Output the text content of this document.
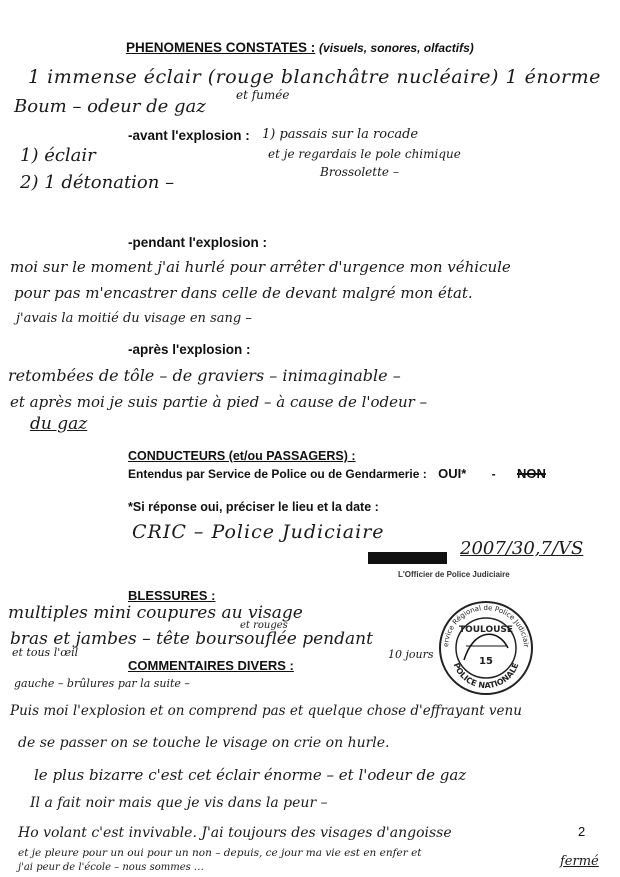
PHENOMENES CONSTATES : (visuels, sonores, olfactifs)
1 immense éclair (rouge blanchâtre nucléaire) 1 énorme
et fumée
Boum – odeur de gaz
-avant l'explosion : 1) passais sur la rocade
et je regardais le pole chimique
Brossolette –
1) éclair
2) 1 détonation –
-pendant l'explosion :
moi sur le moment j'ai hurlé pour arrêter d'urgence mon véhicule
pour pas m'encastrer dans celle de devant malgré mon état.
j'avais la moitié du visage en sang –
-après l'explosion :
retombées de tôle – de graviers – inimaginable –
et après moi je suis partie à pied – à cause de l'odeur –
du gaz
CONDUCTEURS (et/ou PASSAGERS) :
Entendus par Service de Police ou de Gendarmerie : OUI* - NON
*Si réponse oui, préciser le lieu et la date :
CRIC – Police Judiciaire
Dit et donné au 2007/30,7/VS
L'Officier de Police Judiciaire
BLESSURES :
multiples mini coupures au visage
et rouges
bras et jambes – tête boursouflée pendant
10 jours
et tous l'œil
COMMENTAIRES DIVERS :
gauche – brûlures par la suite –
Puis moi l'explosion et on comprend pas et quelque chose d'effrayant venu
de se passer on se touche le visage on crie on hurle.
le plus bizarre c'est cet éclair énorme – et l'odeur de gaz
Il a fait noir mais que je vis dans la peur –
Ho volant c'est invivable. J'ai toujours des visages d'angoisse
et je pleure pour un oui pour un non – depuis, ce jour ma vie est en enfer et
j'ai peur de l'école – nous sommes …	fermé
2
ervice Régional de Police Judiciair
POLICE NATIONALE
TOULOUSE
15
